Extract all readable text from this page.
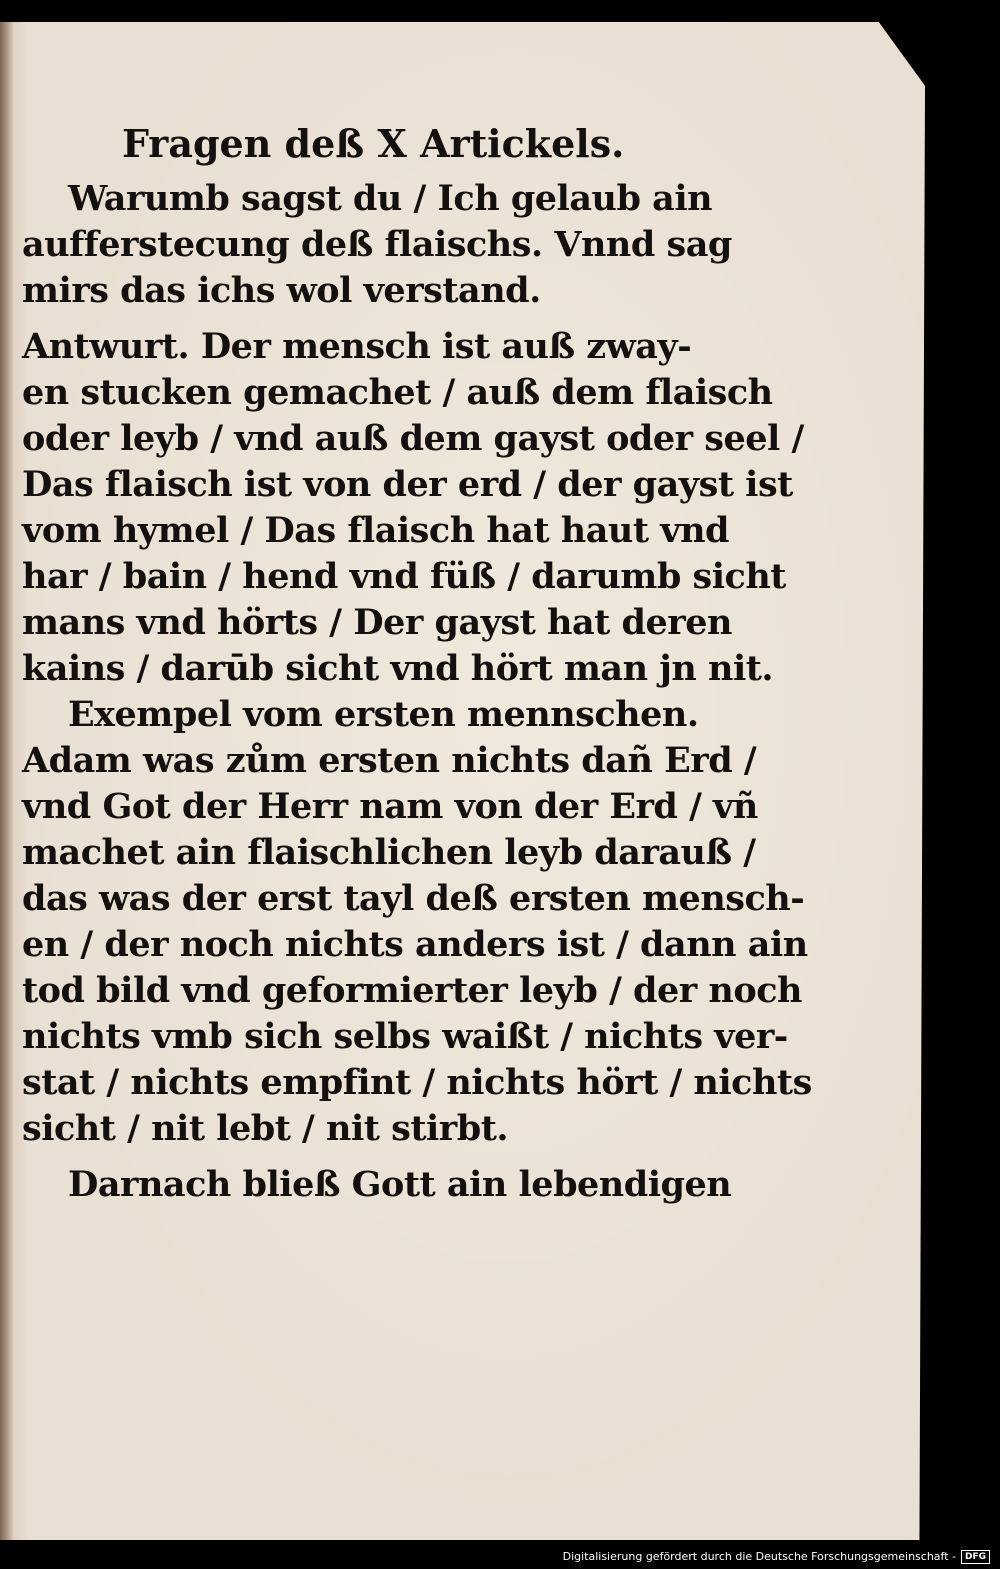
Fragen deß X Artickels.
Warumb sagst du / Ich gelaub ain
aufferstecung deß flaischs. Vnnd sag
mirs das ichs wol verstand.
Antwurt. Der mensch ist auß zway-
en stucken gemachet / auß dem flaisch
oder leyb / vnd auß dem gayst oder seel /
Das flaisch ist von der erd / der gayst ist
vom hymel / Das flaisch hat haut vnd
har / bain / hend vnd füß / darumb sicht
mans vnd hörts / Der gayst hat deren
kains / darūb sicht vnd hört man jn nit.
Exempel vom ersten mennschen.
Adam was zům ersten nichts dañ Erd /
vnd Got der Herr nam von der Erd / vñ
machet ain flaischlichen leyb darauß /
das was der erst tayl deß ersten mensch-
en / der noch nichts anders ist / dann ain
tod bild vnd geformierter leyb / der noch
nichts vmb sich selbs waißt / nichts ver-
stat / nichts empfint / nichts hört / nichts
sicht / nit lebt / nit stirbt.
Darnach bließ Gott ain lebendigen
Digitalisierung gefördert durch die Deutsche Forschungsgemeinschaft -	DFG
